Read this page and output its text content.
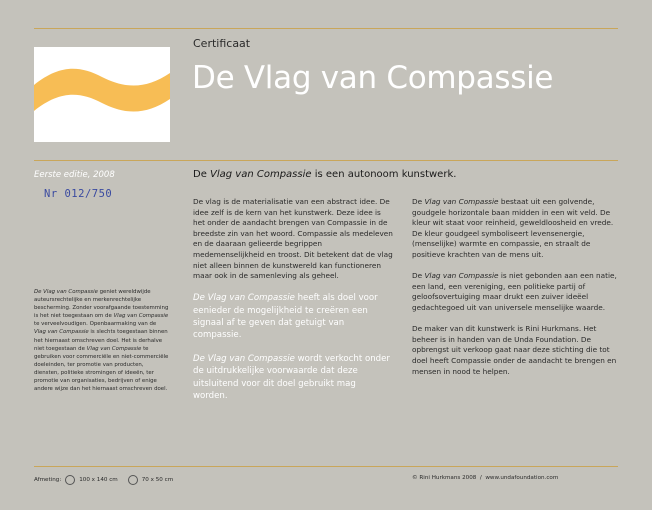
Certificaat
De Vlag van Compassie
Eerste editie, 2008
Nr 012/750
De Vlag van Compassie geniet wereldwijde auteursrechtelijke en merkenrechtelijke bescherming. Zonder voorafgaande toestemming is het niet toegestaan om de Vlag van Compassie te verveelvoudigen. Openbaarmaking van de Vlag van Compassie is slechts toegestaan binnen het hiernaast omschreven doel. Het is derhalve niet toegestaan de Vlag van Compassie te gebruiken voor commerciële en niet-commerciële doeleinden, ter promotie van producten, diensten, politieke stromingen of ideeën, ter promotie van organisaties, bedrijven of enige andere wijze dan het hiernaast omschreven doel.
De Vlag van Compassie is een autonoom kunstwerk.

De vlag is de materialisatie van een abstract idee. De idee zelf is de kern van het kunstwerk. Deze idee is het onder de aandacht brengen van Compassie in de breedste zin van het woord. Compassie als medeleven en de daaraan gelieerde begrippen medemenselijkheid en troost. Dit betekent dat de vlag niet alleen binnen de kunstwereld kan functioneren maar ook in de samenleving als geheel.

De Vlag van Compassie heeft als doel voor eenieder de mogelijkheid te creëren een signaal af te geven dat getuigt van compassie.

De Vlag van Compassie wordt verkocht onder de uitdrukkelijke voorwaarde dat deze uitsluitend voor dit doel gebruikt mag worden.

De Vlag van Compassie bestaat uit een golvende, goudgele horizontale baan midden in een wit veld. De kleur wit staat voor reinheid, geweldloosheid en vrede. De kleur goudgeel symboliseert levensenergie, (menselijke) warmte en compassie, en straalt de positieve krachten van de mens uit.

De Vlag van Compassie is niet gebonden aan een natie, een land, een vereniging, een politieke partij of geloofsovertuiging maar drukt een zuiver ideëel gedachtegoed uit van universele menselijke waarde.

De maker van dit kunstwerk is Rini Hurkmans. Het beheer is in handen van de Unda Foundation. De opbrengst uit verkoop gaat naar deze stichting die tot doel heeft Compassie onder de aandacht te brengen en mensen in nood te helpen.

Afmeting:	100 x 140 cm	70 x 50 cm	© Rini Hurkmans 2008  /  www.undafoundation.com
